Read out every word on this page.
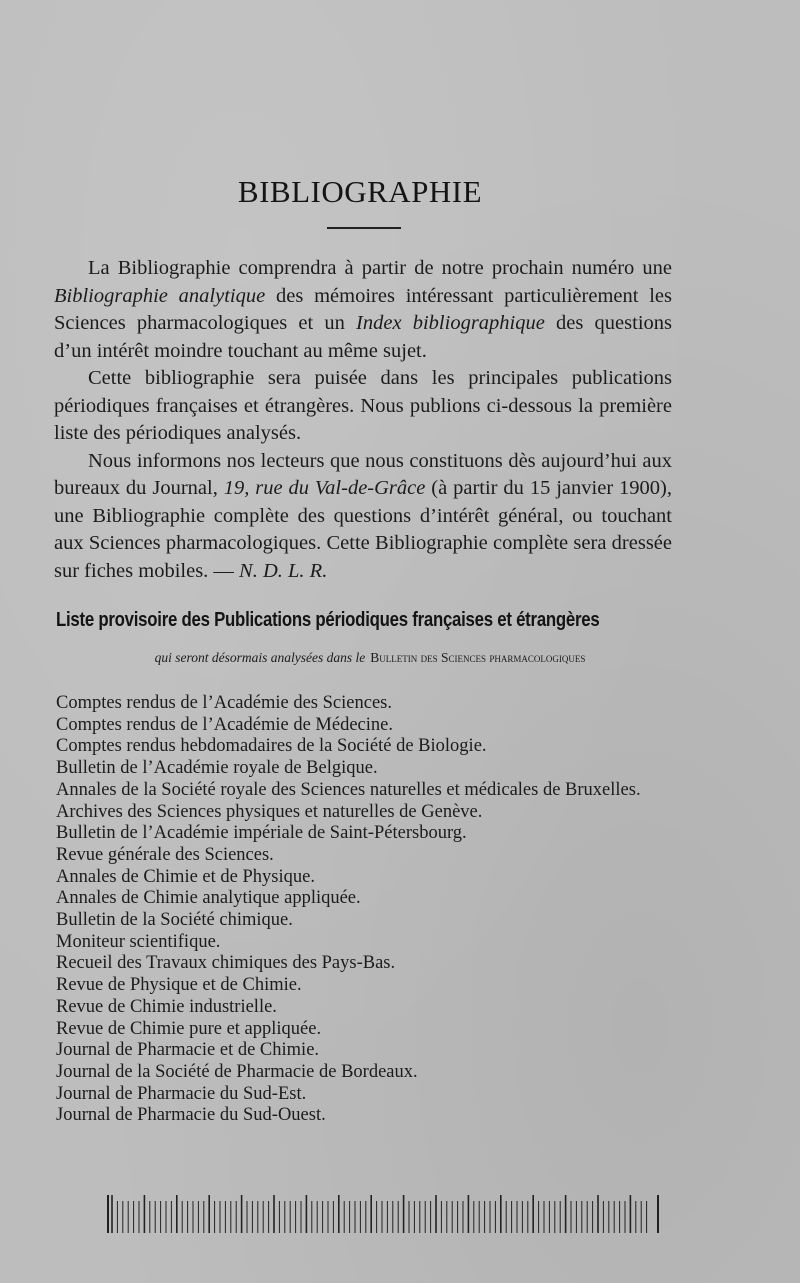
BIBLIOGRAPHIE

La Bibliographie comprendra à partir de notre prochain numéro une Bibliographie analytique des mémoires intéressant particulièrement les Sciences pharmacologiques et un Index bibliographique des questions d’un intérêt moindre touchant au même sujet.

Cette bibliographie sera puisée dans les principales publications périodiques françaises et étrangères. Nous publions ci-dessous la première liste des périodiques analysés.

Nous informons nos lecteurs que nous constituons dès aujourd’hui aux bureaux du Journal, 19, rue du Val-de-Grâce (à partir du 15 janvier 1900), une Bibliographie complète des questions d’intérêt général, ou touchant aux Sciences pharmacologiques. Cette Bibliographie complète sera dressée sur fiches mobiles. — N. D. L. R.

Liste provisoire des Publications périodiques françaises et étrangères
qui seront désormais analysées dans le Bulletin des Sciences pharmacologiques
Comptes rendus de l’Académie des Sciences.
Comptes rendus de l’Académie de Médecine.
Comptes rendus hebdomadaires de la Société de Biologie.
Bulletin de l’Académie royale de Belgique.
Annales de la Société royale des Sciences naturelles et médicales de Bruxelles.
Archives des Sciences physiques et naturelles de Genève.
Bulletin de l’Académie impériale de Saint-Pétersbourg.
Revue générale des Sciences.
Annales de Chimie et de Physique.
Annales de Chimie analytique appliquée.
Bulletin de la Société chimique.
Moniteur scientifique.
Recueil des Travaux chimiques des Pays-Bas.
Revue de Physique et de Chimie.
Revue de Chimie industrielle.
Revue de Chimie pure et appliquée.
Journal de Pharmacie et de Chimie.
Journal de la Société de Pharmacie de Bordeaux.
Journal de Pharmacie du Sud-Est.
Journal de Pharmacie du Sud-Ouest.
